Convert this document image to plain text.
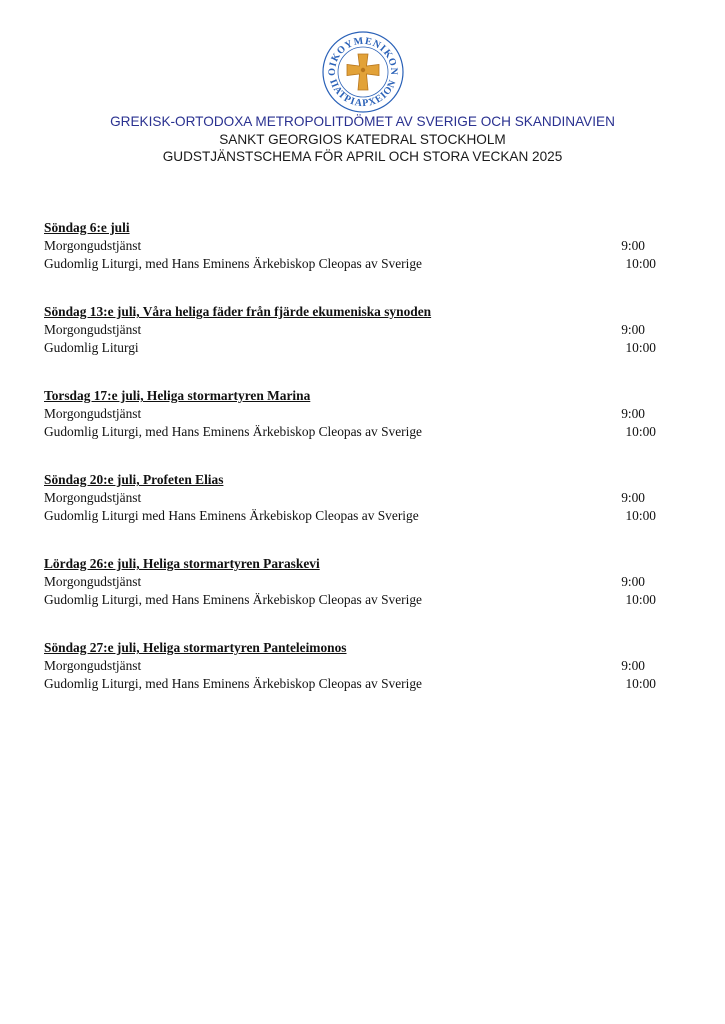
ΟΙΚΟΥΜΕΝΙΚΟΝ
ΠΑΤΡΙΑΡΧΕΙΟΝ
GREKISK-ORTODOXA METROPOLITDÖMET AV SVERIGE OCH SKANDINAVIEN
SANKT GEORGIOS KATEDRAL STOCKHOLM
GUDSTJÄNSTSCHEMA FÖR APRIL OCH STORA VECKAN 2025
Söndag 6:e juli
Morgongudstjänst	9:00
Gudomlig Liturgi, med Hans Eminens Ärkebiskop Cleopas av Sverige	10:00
Söndag 13:e juli, Våra heliga fäder från fjärde ekumeniska synoden
Morgongudstjänst	9:00
Gudomlig Liturgi	10:00
Torsdag 17:e juli, Heliga stormartyren Marina
Morgongudstjänst	9:00
Gudomlig Liturgi, med Hans Eminens Ärkebiskop Cleopas av Sverige	10:00
Söndag 20:e juli, Profeten Elias
Morgongudstjänst	9:00
Gudomlig Liturgi med Hans Eminens Ärkebiskop Cleopas av Sverige	10:00
Lördag 26:e juli, Heliga stormartyren Paraskevi
Morgongudstjänst	9:00
Gudomlig Liturgi, med Hans Eminens Ärkebiskop Cleopas av Sverige	10:00
Söndag 27:e juli, Heliga stormartyren Panteleimonos
Morgongudstjänst	9:00
Gudomlig Liturgi, med Hans Eminens Ärkebiskop Cleopas av Sverige	10:00
